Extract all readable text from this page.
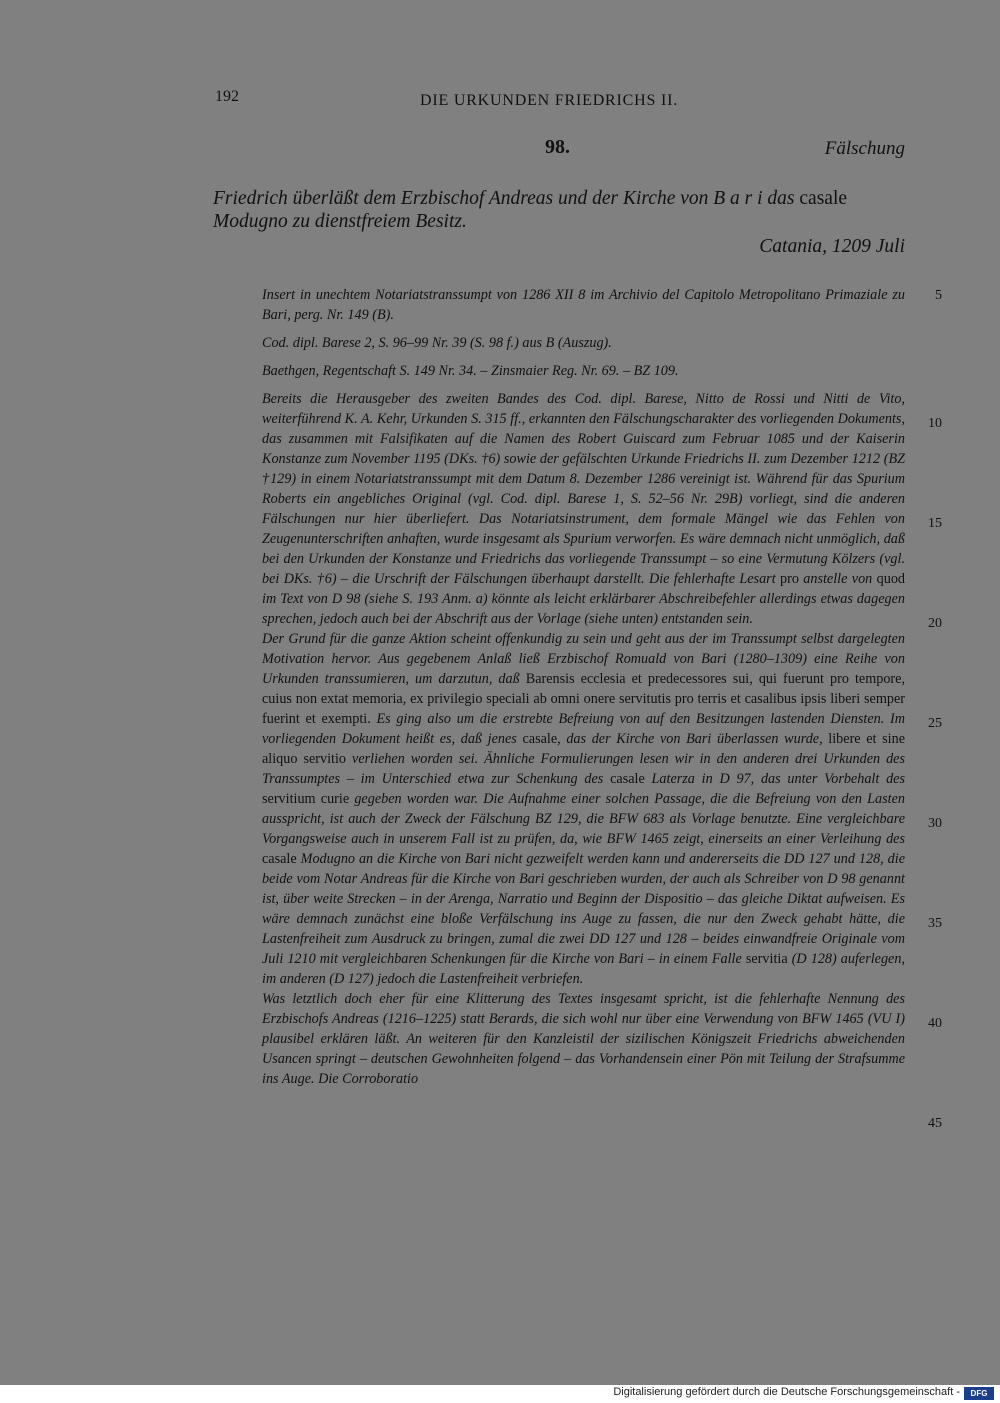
192	DIE URKUNDEN FRIEDRICHS II.
98.	Fälschung
Friedrich überläßt dem Erzbischof Andreas und der Kirche von B a r i das casale Modugno zu dienstfreiem Besitz.
Catania, 1209 Juli

Insert in unechtem Notariatstranssumpt von 1286 XII 8 im Archivio del Capitolo Metropolitano Primaziale zu Bari, perg. Nr. 149 (B).

Cod. dipl. Barese 2, S. 96–99 Nr. 39 (S. 98 f.) aus B (Auszug).

Baethgen, Regentschaft S. 149 Nr. 34. – Zinsmaier Reg. Nr. 69. – BZ 109.

Bereits die Herausgeber des zweiten Bandes des Cod. dipl. Barese, Nitto de Rossi und Nitti de Vito, weiterführend K. A. Kehr, Urkunden S. 315 ff., erkannten den Fälschungscharakter des vorliegenden Dokuments, das zusammen mit Falsifikaten auf die Namen des Robert Guiscard zum Februar 1085 und der Kaiserin Konstanze zum November 1195 (DKs. †6) sowie der gefälschten Urkunde Friedrichs II. zum Dezember 1212 (BZ †129) in einem Notariatstranssumpt mit dem Datum 8. Dezember 1286 vereinigt ist. Während für das Spurium Roberts ein angebliches Original (vgl. Cod. dipl. Barese 1, S. 52–56 Nr. 29B) vorliegt, sind die anderen Fälschungen nur hier überliefert. Das Notariatsinstrument, dem formale Mängel wie das Fehlen von Zeugenunterschriften anhaften, wurde insgesamt als Spurium verworfen. Es wäre demnach nicht unmöglich, daß bei den Urkunden der Konstanze und Friedrichs das vorliegende Transsumpt – so eine Vermutung Kölzers (vgl. bei DKs. †6) – die Urschrift der Fälschungen überhaupt darstellt. Die fehlerhafte Lesart pro anstelle von quod im Text von D 98 (siehe S. 193 Anm. a) könnte als leicht erklärbarer Abschreibefehler allerdings etwas dagegen sprechen, jedoch auch bei der Abschrift aus der Vorlage (siehe unten) entstanden sein.

Der Grund für die ganze Aktion scheint offenkundig zu sein und geht aus der im Transsumpt selbst dargelegten Motivation hervor. Aus gegebenem Anlaß ließ Erzbischof Romuald von Bari (1280–1309) eine Reihe von Urkunden transsumieren, um darzutun, daß Barensis ecclesia et predecessores sui, qui fuerunt pro tempore, cuius non extat memoria, ex privilegio speciali ab omni onere servitutis pro terris et casalibus ipsis liberi semper fuerint et exempti. Es ging also um die erstrebte Befreiung von auf den Besitzungen lastenden Diensten. Im vorliegenden Dokument heißt es, daß jenes casale, das der Kirche von Bari überlassen wurde, libere et sine aliquo servitio verliehen worden sei. Ähnliche Formulierungen lesen wir in den anderen drei Urkunden des Transsumptes – im Unterschied etwa zur Schenkung des casale Laterza in D 97, das unter Vorbehalt des servitium curie gegeben worden war. Die Aufnahme einer solchen Passage, die die Befreiung von den Lasten ausspricht, ist auch der Zweck der Fälschung BZ 129, die BFW 683 als Vorlage benutzte. Eine vergleichbare Vorgangsweise auch in unserem Fall ist zu prüfen, da, wie BFW 1465 zeigt, einerseits an einer Verleihung des casale Modugno an die Kirche von Bari nicht gezweifelt werden kann und andererseits die DD 127 und 128, die beide vom Notar Andreas für die Kirche von Bari geschrieben wurden, der auch als Schreiber von D 98 genannt ist, über weite Strecken – in der Arenga, Narratio und Beginn der Dispositio – das gleiche Diktat aufweisen. Es wäre demnach zunächst eine bloße Verfälschung ins Auge zu fassen, die nur den Zweck gehabt hätte, die Lastenfreiheit zum Ausdruck zu bringen, zumal die zwei DD 127 und 128 – beides einwandfreie Originale vom Juli 1210 mit vergleichbaren Schenkungen für die Kirche von Bari – in einem Falle servitia (D 128) auferlegen, im anderen (D 127) jedoch die Lastenfreiheit verbriefen.

Was letztlich doch eher für eine Klitterung des Textes insgesamt spricht, ist die fehlerhafte Nennung des Erzbischofs Andreas (1216–1225) statt Berards, die sich wohl nur über eine Verwendung von BFW 1465 (VU I) plausibel erklären läßt. An weiteren für den Kanzleistil der sizilischen Königszeit Friedrichs abweichenden Usancen springt – deutschen Gewohnheiten folgend – das Vorhandensein einer Pön mit Teilung der Strafsumme ins Auge. Die Corroboratio

5
10
15
20
25
30
35
40
45
Digitalisierung gefördert durch die Deutsche Forschungsgemeinschaft -	DFG
